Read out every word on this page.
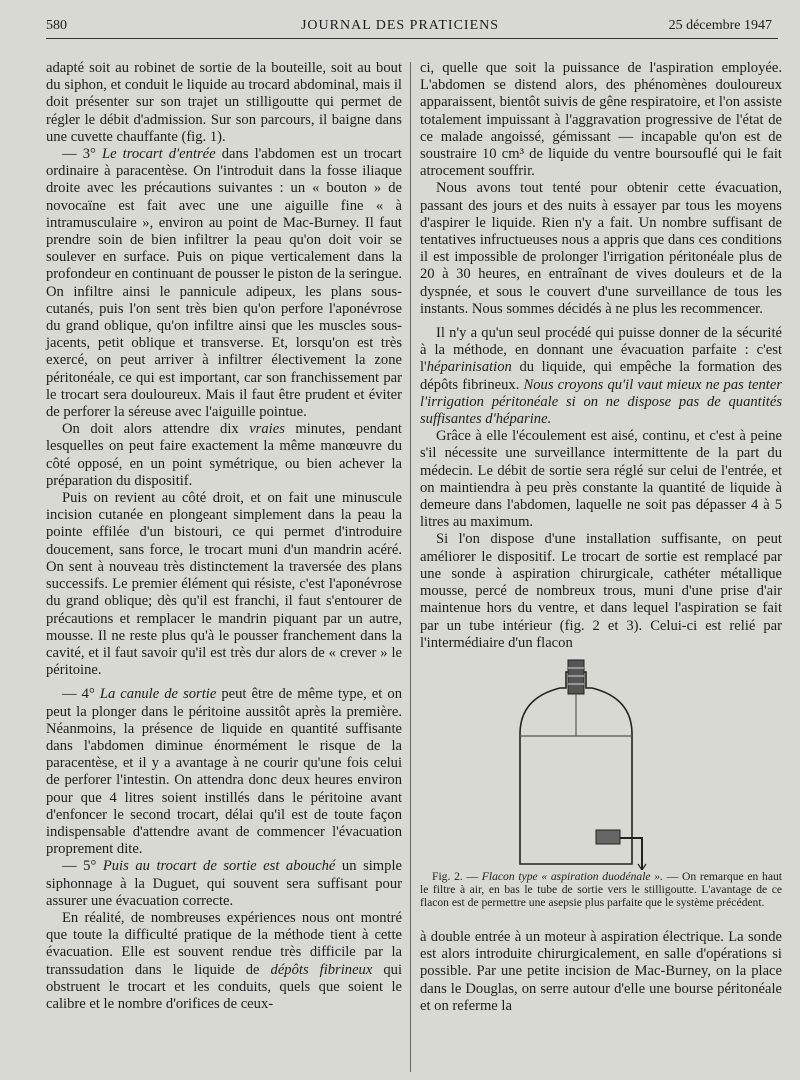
580	JOURNAL DES PRATICIENS	25 décembre 1947

adapté soit au robinet de sortie de la bouteille, soit au bout du siphon, et conduit le liquide au trocard abdominal, mais il doit présenter sur son trajet un stilligoutte qui permet de régler le débit d'admission. Sur son parcours, il baigne dans une cuvette chauffante (fig. 1).

— 3° Le trocart d'entrée dans l'abdomen est un trocart ordinaire à paracentèse. On l'introduit dans la fosse iliaque droite avec les précautions suivantes : un « bouton » de novocaïne est fait avec une une aiguille fine « à intramusculaire », environ au point de Mac-Burney. Il faut prendre soin de bien infiltrer la peau qu'on doit voir se soulever en surface. Puis on pique verticalement dans la profondeur en continuant de pousser le piston de la seringue. On infiltre ainsi le pannicule adipeux, les plans sous-cutanés, puis l'on sent très bien qu'on perfore l'aponévrose du grand oblique, qu'on infiltre ainsi que les muscles sous-jacents, petit oblique et transverse. Et, lorsqu'on est très exercé, on peut arriver à infiltrer électivement la zone péritonéale, ce qui est important, car son franchissement par le trocart sera douloureux. Mais il faut être prudent et éviter de perforer la séreuse avec l'aiguille pointue.

On doit alors attendre dix vraies minutes, pendant lesquelles on peut faire exactement la même manœuvre du côté opposé, en un point symétrique, ou bien achever la préparation du dispositif.

Puis on revient au côté droit, et on fait une minuscule incision cutanée en plongeant simplement dans la peau la pointe effilée d'un bistouri, ce qui permet d'introduire doucement, sans force, le trocart muni d'un mandrin acéré. On sent à nouveau très distinctement la traversée des plans successifs. Le premier élément qui résiste, c'est l'aponévrose du grand oblique; dès qu'il est franchi, il faut s'entourer de précautions et remplacer le mandrin piquant par un autre, mousse. Il ne reste plus qu'à le pousser franchement dans la cavité, et il faut savoir qu'il est très dur alors de « crever » le péritoine.

— 4° La canule de sortie peut être de même type, et on peut la plonger dans le péritoine aussitôt après la première. Néanmoins, la présence de liquide en quantité suffisante dans l'abdomen diminue énormément le risque de la paracentèse, et il y a avantage à ne courir qu'une fois celui de perforer l'intestin. On attendra donc deux heures environ pour que 4 litres soient instillés dans le péritoine avant d'enfoncer le second trocart, délai qu'il est de toute façon indispensable d'attendre avant de commencer l'évacuation proprement dite.

— 5° Puis au trocart de sortie est abouché un simple siphonnage à la Duguet, qui souvent sera suffisant pour assurer une évacuation correcte.

En réalité, de nombreuses expériences nous ont montré que toute la difficulté pratique de la méthode tient à cette évacuation. Elle est souvent rendue très difficile par la transsudation dans le liquide de dépôts fibrineux qui obstruent le trocart et les conduits, quels que soient le calibre et le nombre d'orifices de ceux-

ci, quelle que soit la puissance de l'aspiration employée. L'abdomen se distend alors, des phénomènes douloureux apparaissent, bientôt suivis de gêne respiratoire, et l'on assiste totalement impuissant à l'aggravation progressive de l'état de ce malade angoissé, gémissant — incapable qu'on est de soustraire 10 cm³ de liquide du ventre boursouflé qui le fait atrocement souffrir.

Nous avons tout tenté pour obtenir cette évacuation, passant des jours et des nuits à essayer par tous les moyens d'aspirer le liquide. Rien n'y a fait. Un nombre suffisant de tentatives infructueuses nous a appris que dans ces conditions il est impossible de prolonger l'irrigation péritonéale plus de 20 à 30 heures, en entraînant de vives douleurs et de la dyspnée, et sous le couvert d'une surveillance de tous les instants. Nous sommes décidés à ne plus les recommencer.

Il n'y a qu'un seul procédé qui puisse donner de la sécurité à la méthode, en donnant une évacuation parfaite : c'est l'héparinisation du liquide, qui empêche la formation des dépôts fibrineux. Nous croyons qu'il vaut mieux ne pas tenter l'irrigation péritonéale si on ne dispose pas de quantités suffisantes d'héparine.

Grâce à elle l'écoulement est aisé, continu, et c'est à peine s'il nécessite une surveillance intermittente de la part du médecin. Le débit de sortie sera réglé sur celui de l'entrée, et on maintiendra à peu près constante la quantité de liquide à demeure dans l'abdomen, laquelle ne soit pas dépasser 4 à 5 litres au maximum.

Si l'on dispose d'une installation suffisante, on peut améliorer le dispositif. Le trocart de sortie est remplacé par une sonde à aspiration chirurgicale, cathéter métallique mousse, percé de nombreux trous, muni d'une prise d'air maintenue hors du ventre, et dans lequel l'aspiration se fait par un tube intérieur (fig. 2 et 3). Celui-ci est relié par l'intermédiaire d'un flacon

Fig. 2. — Flacon type « aspiration duodénale ». — On remarque en haut le filtre à air, en bas le tube de sortie vers le stilligoutte. L'avantage de ce flacon est de permettre une asepsie plus parfaite que le système précédent.

à double entrée à un moteur à aspiration électrique. La sonde est alors introduite chirurgicalement, en salle d'opérations si possible. Par une petite incision de Mac-Burney, on la place dans le Douglas, on serre autour d'elle une bourse péritonéale et on referme la
